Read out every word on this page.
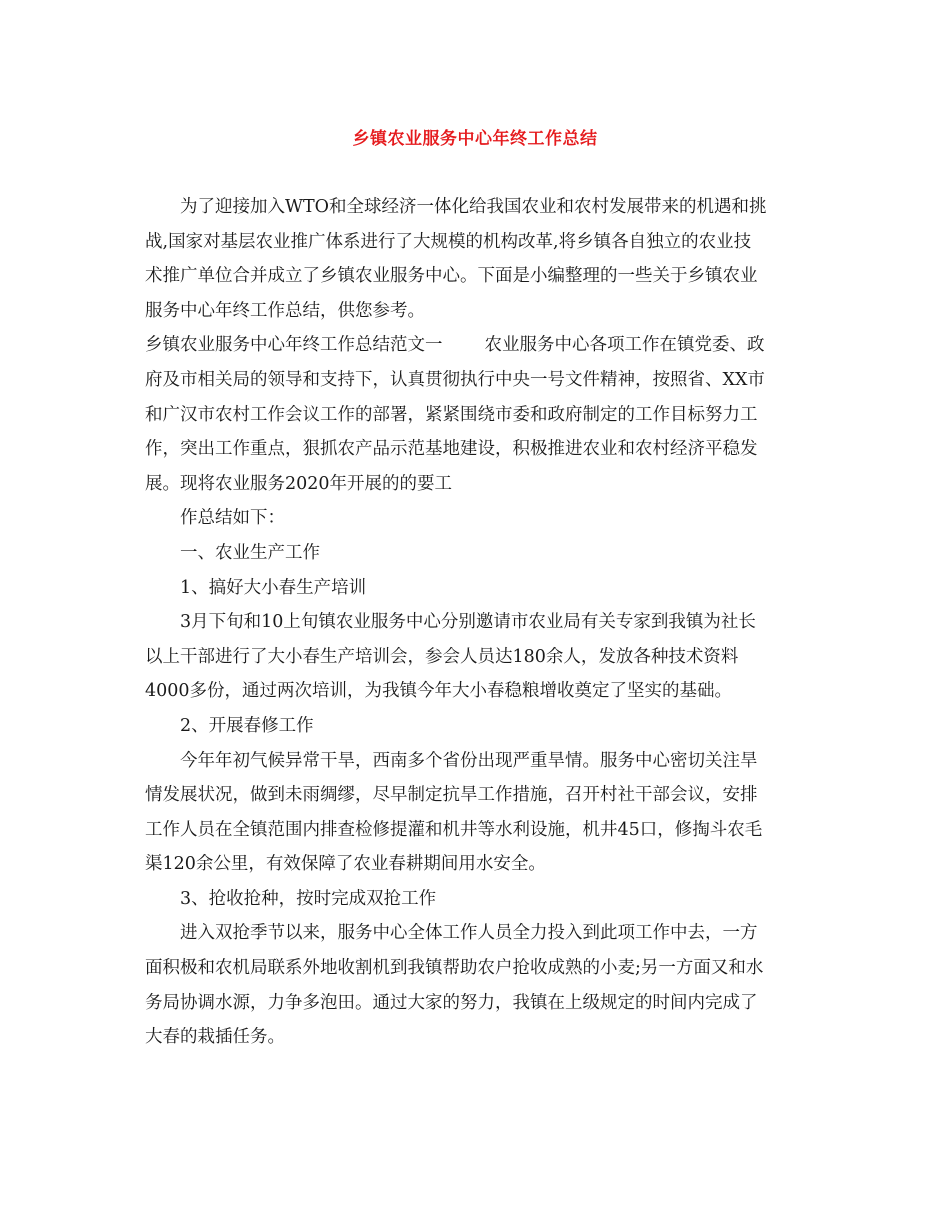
乡镇农业服务中心年终工作总结
为了迎接加入WTO和全球经济一体化给我国农业和农村发展带来的机遇和挑
战,国家对基层农业推广体系进行了大规模的机构改革,将乡镇各自独立的农业技
术推广单位合并成立了乡镇农业服务中心。下面是小编整理的一些关于乡镇农业
服务中心年终工作总结，供您参考。
乡镇农业服务中心年终工作总结范文一 农业服务中心各项工作在镇党委、政
府及市相关局的领导和支持下，认真贯彻执行中央一号文件精神，按照省、XX市
和广汉市农村工作会议工作的部署，紧紧围绕市委和政府制定的工作目标努力工
作，突出工作重点，狠抓农产品示范基地建设，积极推进农业和农村经济平稳发
展。现将农业服务2020年开展的的要工
作总结如下：
一、农业生产工作
1、搞好大小春生产培训
3月下旬和10上旬镇农业服务中心分别邀请市农业局有关专家到我镇为社长
以上干部进行了大小春生产培训会，参会人员达180余人，发放各种技术资料
4000多份，通过两次培训，为我镇今年大小春稳粮增收奠定了坚实的基础。
2、开展春修工作
今年年初气候异常干旱，西南多个省份出现严重旱情。服务中心密切关注旱
情发展状况，做到未雨绸缪，尽早制定抗旱工作措施，召开村社干部会议，安排
工作人员在全镇范围内排查检修提灌和机井等水利设施，机井45口，修掏斗农毛
渠120余公里，有效保障了农业春耕期间用水安全。
3、抢收抢种，按时完成双抢工作
进入双抢季节以来，服务中心全体工作人员全力投入到此项工作中去，一方
面积极和农机局联系外地收割机到我镇帮助农户抢收成熟的小麦;另一方面又和水
务局协调水源，力争多泡田。通过大家的努力，我镇在上级规定的时间内完成了
大春的栽插任务。
